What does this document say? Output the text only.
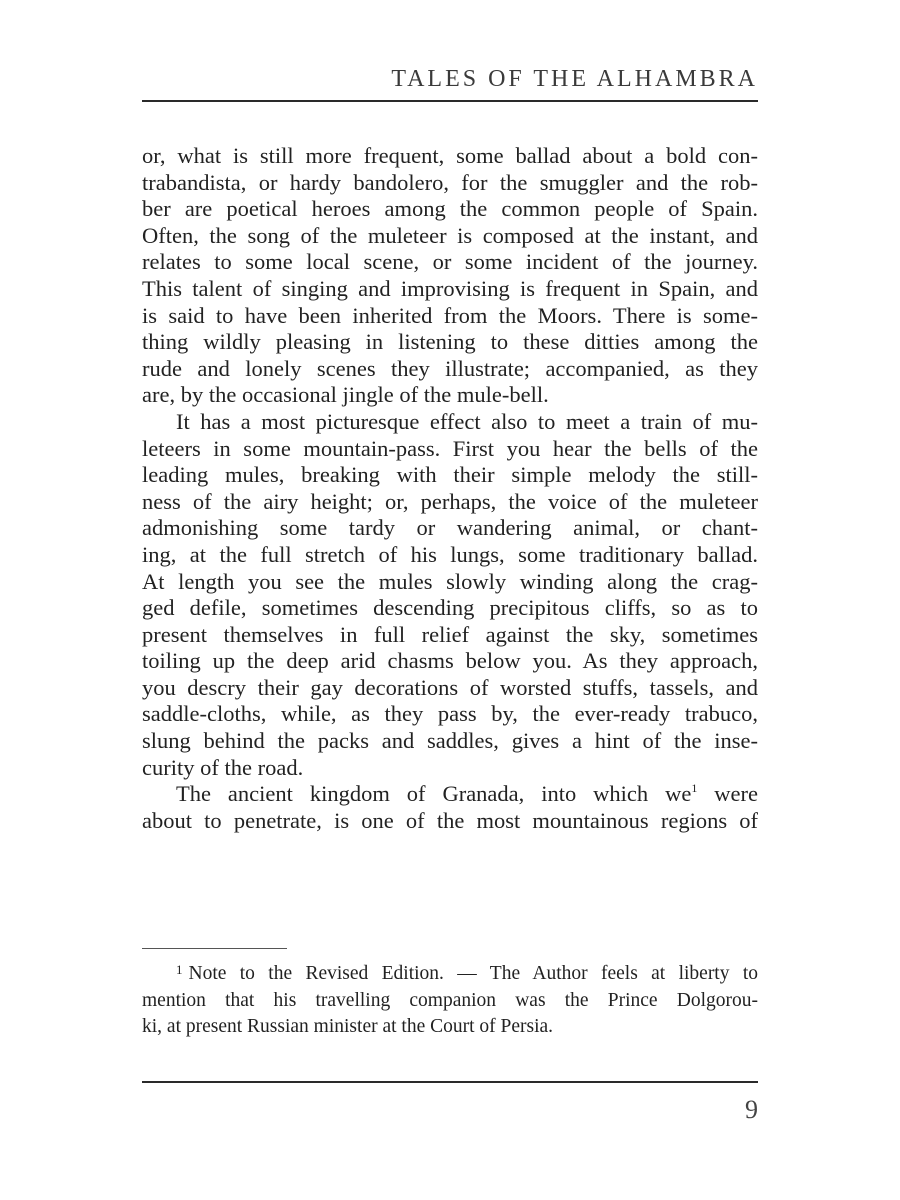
TALES OF THE ALHAMBRA

or, what is still more frequent, some ballad about a bold con-
trabandista, or hardy bandolero, for the smuggler and the rob-
ber are poetical heroes among the common people of Spain.
Often, the song of the muleteer is composed at the instant, and
relates to some local scene, or some incident of the journey.
This talent of singing and improvising is frequent in Spain, and
is said to have been inherited from the Moors. There is some-
thing wildly pleasing in listening to these ditties among the
rude and lonely scenes they illustrate; accompanied, as they
are, by the occasional jingle of the mule-bell.

It has a most picturesque effect also to meet a train of mu-
leteers in some mountain-pass. First you hear the bells of the
leading mules, breaking with their simple melody the still-
ness of the airy height; or, perhaps, the voice of the muleteer
admonishing some tardy or wandering animal, or chant-
ing, at the full stretch of his lungs, some traditionary ballad.
At length you see the mules slowly winding along the crag-
ged defile, sometimes descending precipitous cliffs, so as to
present themselves in full relief against the sky, sometimes
toiling up the deep arid chasms below you. As they approach,
you descry their gay decorations of worsted stuffs, tassels, and
saddle-cloths, while, as they pass by, the ever-ready trabuco,
slung behind the packs and saddles, gives a hint of the inse-
curity of the road.

The ancient kingdom of Granada, into which we$^1$ were
about to penetrate, is one of the most mountainous regions of

$^1$ Note to the Revised Edition. — The Author feels at liberty to
mention that his travelling companion was the Prince Dolgorou-
ki, at present Russian minister at the Court of Persia.
9
